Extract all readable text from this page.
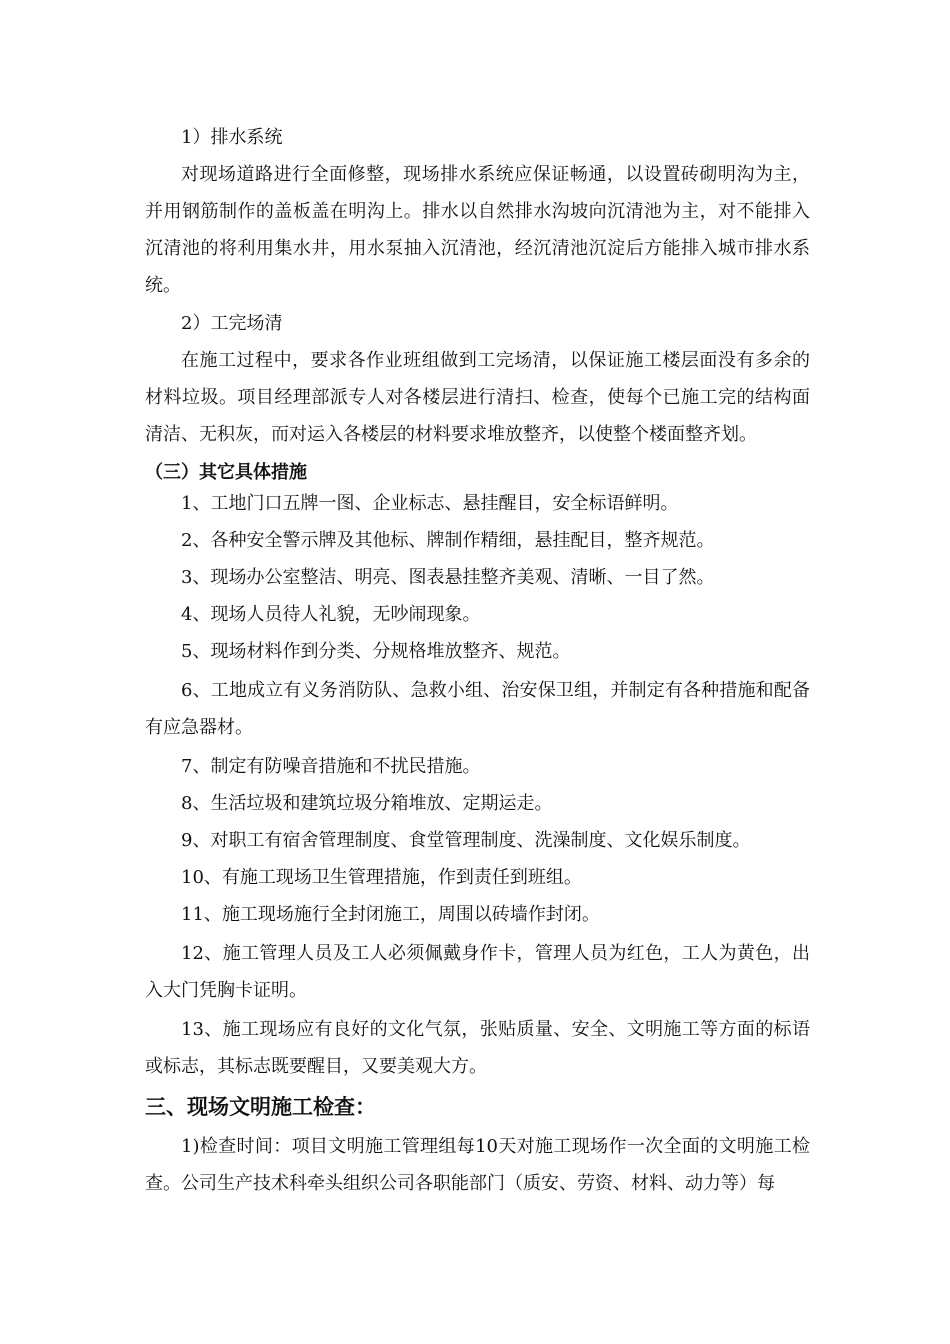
1）排水系统

对现场道路进行全面修整，现场排水系统应保证畅通，以设置砖砌明沟为主，并用钢筋制作的盖板盖在明沟上。排水以自然排水沟坡向沉清池为主，对不能排入沉清池的将利用集水井，用水泵抽入沉清池，经沉清池沉淀后方能排入城市排水系统。

2）工完场清

在施工过程中，要求各作业班组做到工完场清，以保证施工楼层面没有多余的材料垃圾。项目经理部派专人对各楼层进行清扫、检查，使每个已施工完的结构面清洁、无积灰，而对运入各楼层的材料要求堆放整齐，以使整个楼面整齐划。

（三）其它具体措施

1、工地门口五牌一图、企业标志、悬挂醒目，安全标语鲜明。

2、各种安全警示牌及其他标、牌制作精细，悬挂配目，整齐规范。

3、现场办公室整洁、明亮、图表悬挂整齐美观、清晰、一目了然。

4、现场人员待人礼貌，无吵闹现象。

5、现场材料作到分类、分规格堆放整齐、规范。

6、工地成立有义务消防队、急救小组、治安保卫组，并制定有各种措施和配备有应急器材。

7、制定有防噪音措施和不扰民措施。

8、生活垃圾和建筑垃圾分箱堆放、定期运走。

9、对职工有宿舍管理制度、食堂管理制度、洗澡制度、文化娱乐制度。

10、有施工现场卫生管理措施，作到责任到班组。

11、施工现场施行全封闭施工，周围以砖墙作封闭。

12、施工管理人员及工人必须佩戴身作卡，管理人员为红色，工人为黄色，出入大门凭胸卡证明。

13、施工现场应有良好的文化气氛，张贴质量、安全、文明施工等方面的标语或标志，其标志既要醒目，又要美观大方。

三、现场文明施工检查：

1)检查时间：项目文明施工管理组每10天对施工现场作一次全面的文明施工检查。公司生产技术科牵头组织公司各职能部门（质安、劳资、材料、动力等）每
